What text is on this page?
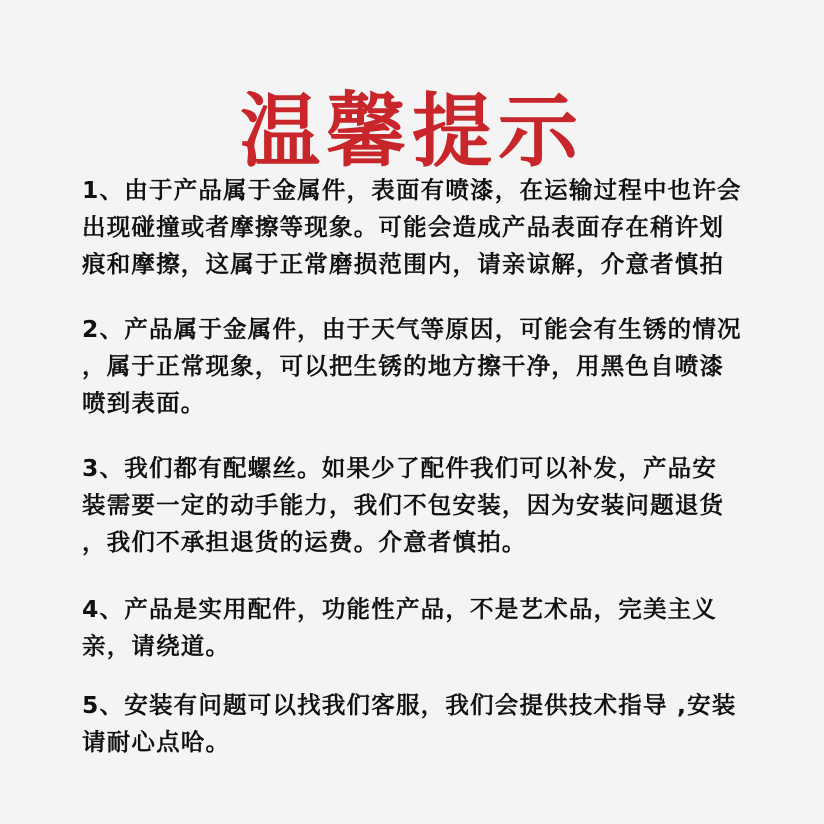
温馨提示

1、由于产品属于金属件，表面有喷漆，在运输过程中也许会
出现碰撞或者摩擦等现象。可能会造成产品表面存在稍许划
痕和摩擦，这属于正常磨损范围内，请亲谅解，介意者慎拍

2、产品属于金属件，由于天气等原因，可能会有生锈的情况
，属于正常现象，可以把生锈的地方擦干净，用黑色自喷漆
喷到表面。

3、我们都有配螺丝。如果少了配件我们可以补发，产品安
装需要一定的动手能力，我们不包安装，因为安装问题退货
，我们不承担退货的运费。介意者慎拍。

4、产品是实用配件，功能性产品，不是艺术品，完美主义
亲，请绕道。

5、安装有问题可以找我们客服，我们会提供技术指导 ,安装
请耐心点哈。
